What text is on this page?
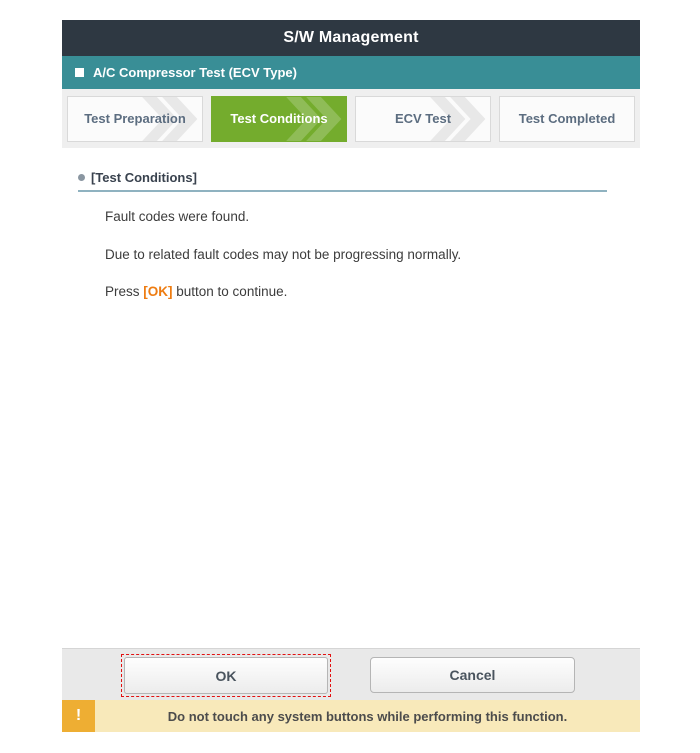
S/W Management
A/C Compressor Test (ECV Type)
Test Preparation	Test Conditions	ECV Test	Test Completed
[Test Conditions]

Fault codes were found.

Due to related fault codes may not be progressing normally.

Press [OK] button to continue.

OK	Cancel
!	Do not touch any system buttons while performing this function.
